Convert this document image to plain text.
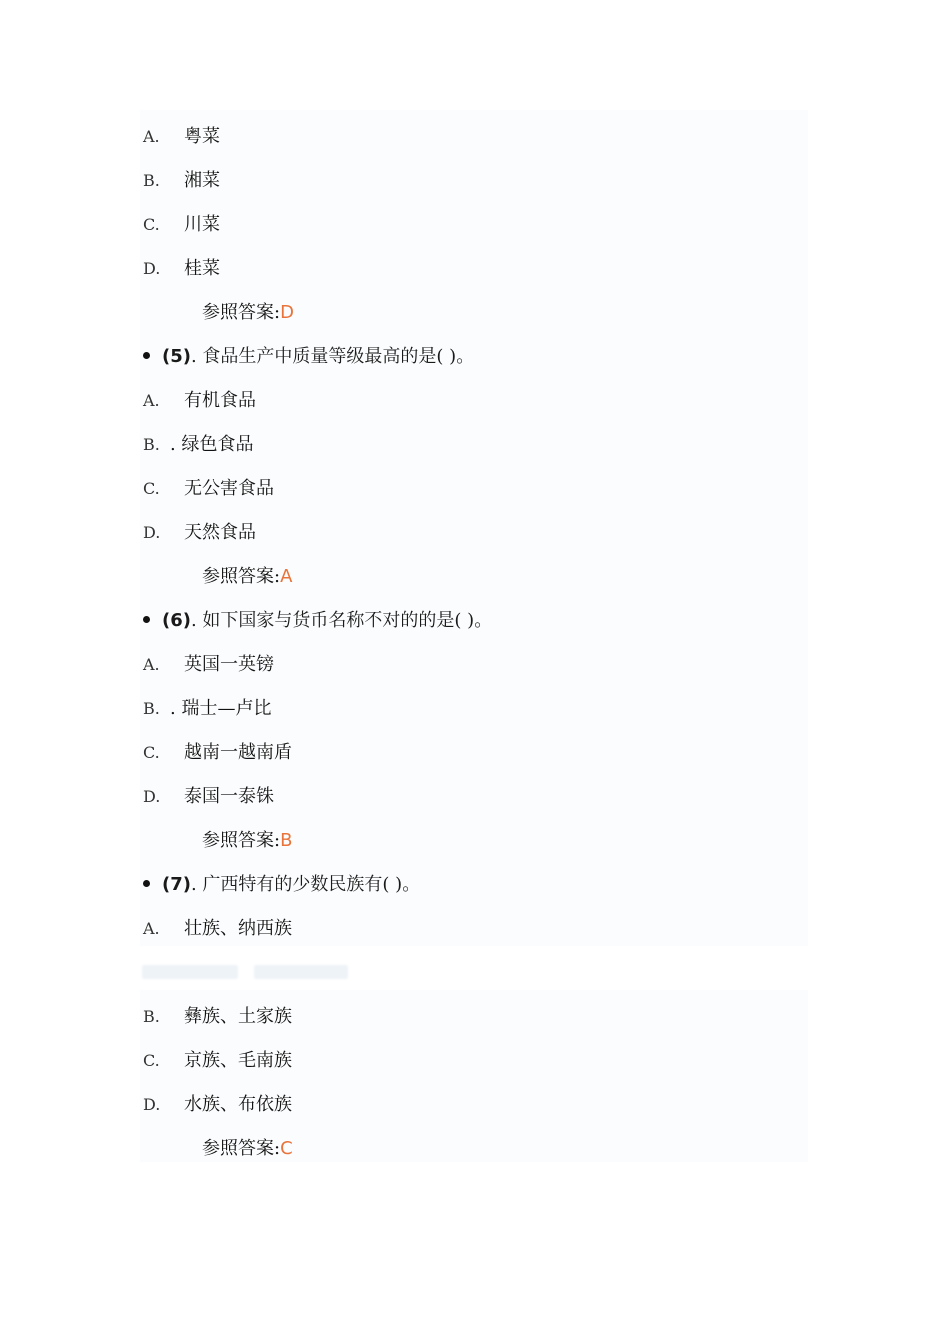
A. 粤菜
B. 湘菜
C. 川菜
D. 桂菜
参照答案:D
(5). 食品生产中质量等级最高的是( )。
A. 有机食品
B. . 绿色食品
C. 无公害食品
D. 天然食品
参照答案:A
(6). 如下国家与货币名称不对的的是( )。
A. 英国一英镑
B. . 瑞士—卢比
C. 越南一越南盾
D. 泰国一泰铢
参照答案:B
(7). 广西特有的少数民族有( )。
A. 壮族、纳西族
B. 彝族、土家族
C. 京族、毛南族
D. 水族、布依族
参照答案:C
